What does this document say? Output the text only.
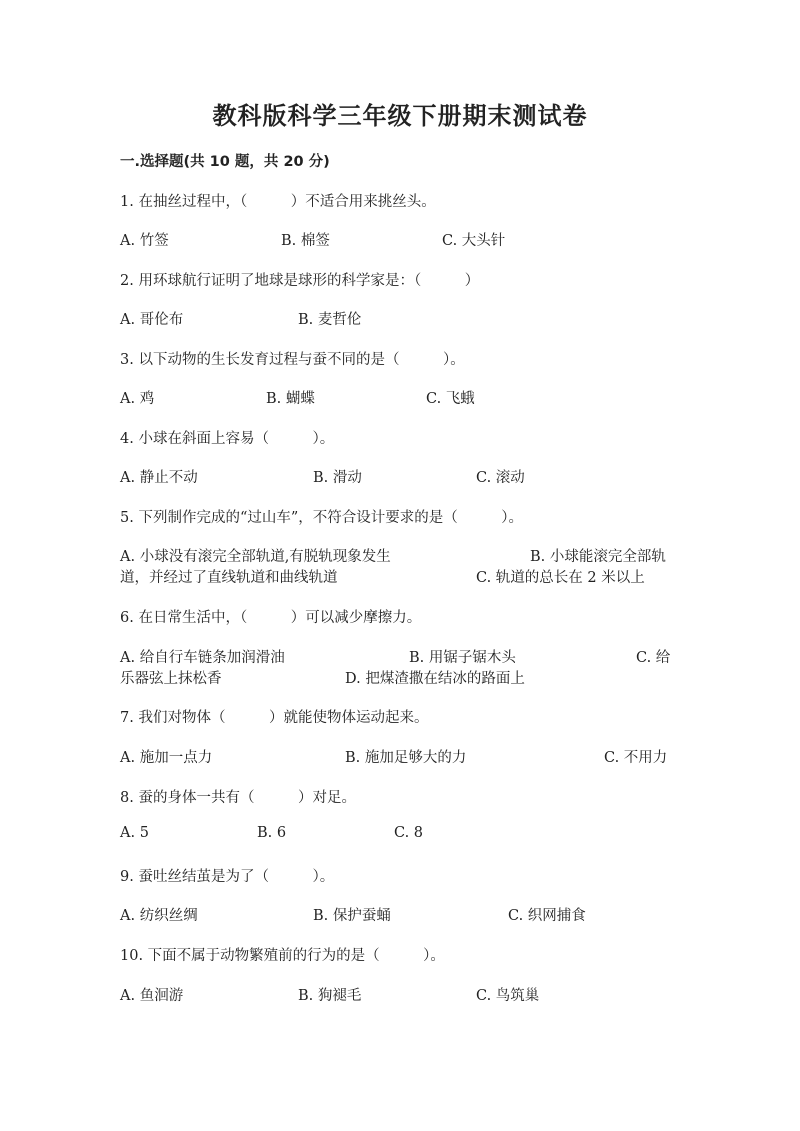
教科版科学三年级下册期末测试卷
一.选择题(共 10 题，共 20 分)
1. 在抽丝过程中，（　　　）不适合用来挑丝头。
A. 竹签	B. 棉签	C. 大头针
2. 用环球航行证明了地球是球形的科学家是：（　　　）
A. 哥伦布	B. 麦哲伦
3. 以下动物的生长发育过程与蚕不同的是（　　　）。
A. 鸡	B. 蝴蝶	C. 飞蛾
4. 小球在斜面上容易（　　　）。
A. 静止不动	B. 滑动	C. 滚动
5. 下列制作完成的“过山车”，不符合设计要求的是（　　　）。
A. 小球没有滚完全部轨道,有脱轨现象发生	B. 小球能滚完全部轨
道，并经过了直线轨道和曲线轨道	C. 轨道的总长在 2 米以上
6. 在日常生活中，（　　　）可以减少摩擦力。
A. 给自行车链条加润滑油	B. 用锯子锯木头	C. 给
乐器弦上抹松香	D. 把煤渣撒在结冰的路面上
7. 我们对物体（　　　）就能使物体运动起来。
A. 施加一点力	B. 施加足够大的力	C. 不用力
8. 蚕的身体一共有（　　　）对足。
A. 5	B. 6	C. 8
9. 蚕吐丝结茧是为了（　　　）。
A. 纺织丝绸	B. 保护蚕蛹	C. 织网捕食
10. 下面不属于动物繁殖前的行为的是（　　　）。
A. 鱼洄游	B. 狗褪毛	C. 鸟筑巢
